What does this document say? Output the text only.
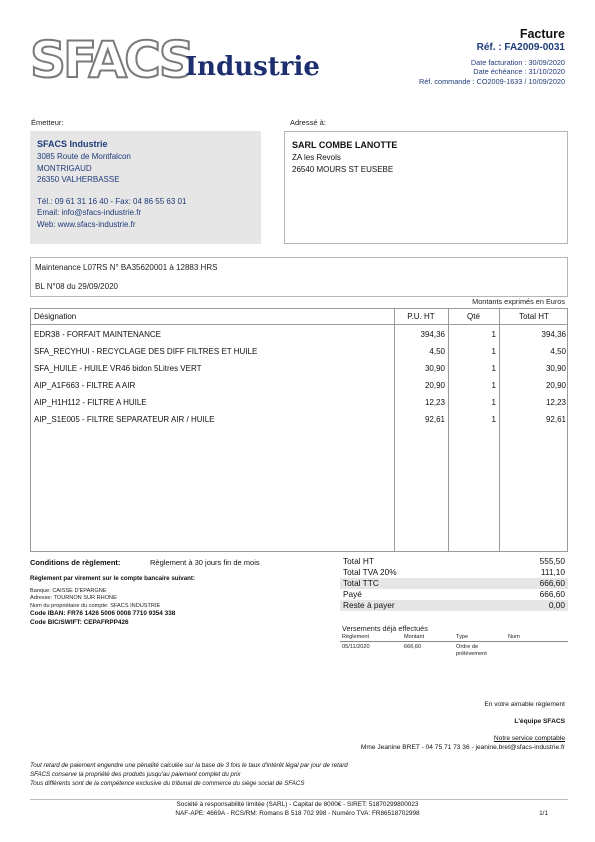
SFACS
Industrie
Facture
Réf. : FA2009-0031
Date facturation : 30/09/2020
Date échéance : 31/10/2020
Réf. commande : CO2009-1633 / 10/09/2020
Émetteur:
SFACS Industrie
3085 Route de Montfalcon
MONTRIGAUD
26350 VALHERBASSE
Tél.: 09 61 31 16 40 - Fax: 04 86 55 63 01
Email: info@sfacs-industrie.fr
Web: www.sfacs-industrie.fr
Adressé à:
SARL COMBE LANOTTE
ZA les Revols
26540 MOURS ST EUSEBE
Maintenance L07RS N° BA35620001 à 12883 HRS
BL N°08 du 29/09/2020
Montants exprimés en Euros
Désignation	P.U. HT	Qté	Total HT
EDR38 - FORFAIT MAINTENANCE	394,36	1	394,36
SFA_RECYHUI - RECYCLAGE DES DIFF FILTRES ET HUILE	4,50	1	4,50
SFA_HUILE - HUILE VR46 bidon 5Litres VERT	30,90	1	30,90
AIP_A1F663 - FILTRE A AIR	20,90	1	20,90
AIP_H1H112 - FILTRE A HUILE	12,23	1	12,23
AIP_S1E005 - FILTRE SEPARATEUR AIR / HUILE	92,61	1	92,61
Conditions de règlement:	Règlement à 30 jours fin de mois
Règlement par virement sur le compte bancaire suivant:
Banque: CAISSE D'EPARGNE
Adresse: TOURNON SUR RHONE
Nom du propriétaire du compte: SFACS INDUSTRIE
Code IBAN: FR76 1426 5006 0008 7710 9354 338
Code BIC/SWIFT: CEPAFRPP426
Total HT	555,50
Total TVA 20%	111,10
Total TTC	666,60
Payé	666,60
Reste à payer	0,00
Versements déjà effectués
Règlement	Montant	Type	Num
05/11/2020	666,60	Ordre de
prélèvement
En votre aimable règlement
L'équipe SFACS
Notre service comptable
Mme Jeanine BRET - 04 75 71 73 36 - jeanine.bret@sfacs-industrie.fr
Tout retard de paiement engendre une pénalité calculée sur la base de 3 fois le taux d'intérêt légal par jour de retard
SFACS conserve la propriété des produits jusqu'au paiement complet du prix
Tous différents sont de la compétence exclusive du tribunal de commerce du siège social de SFACS
Société à responsabilité limitée (SARL) - Capital de 8000€ - SIRET: 51870299800023
NAF-APE: 4669A - RCS/RM: Romans B 518 702 998 - Numéro TVA: FR86518702998	1/1
